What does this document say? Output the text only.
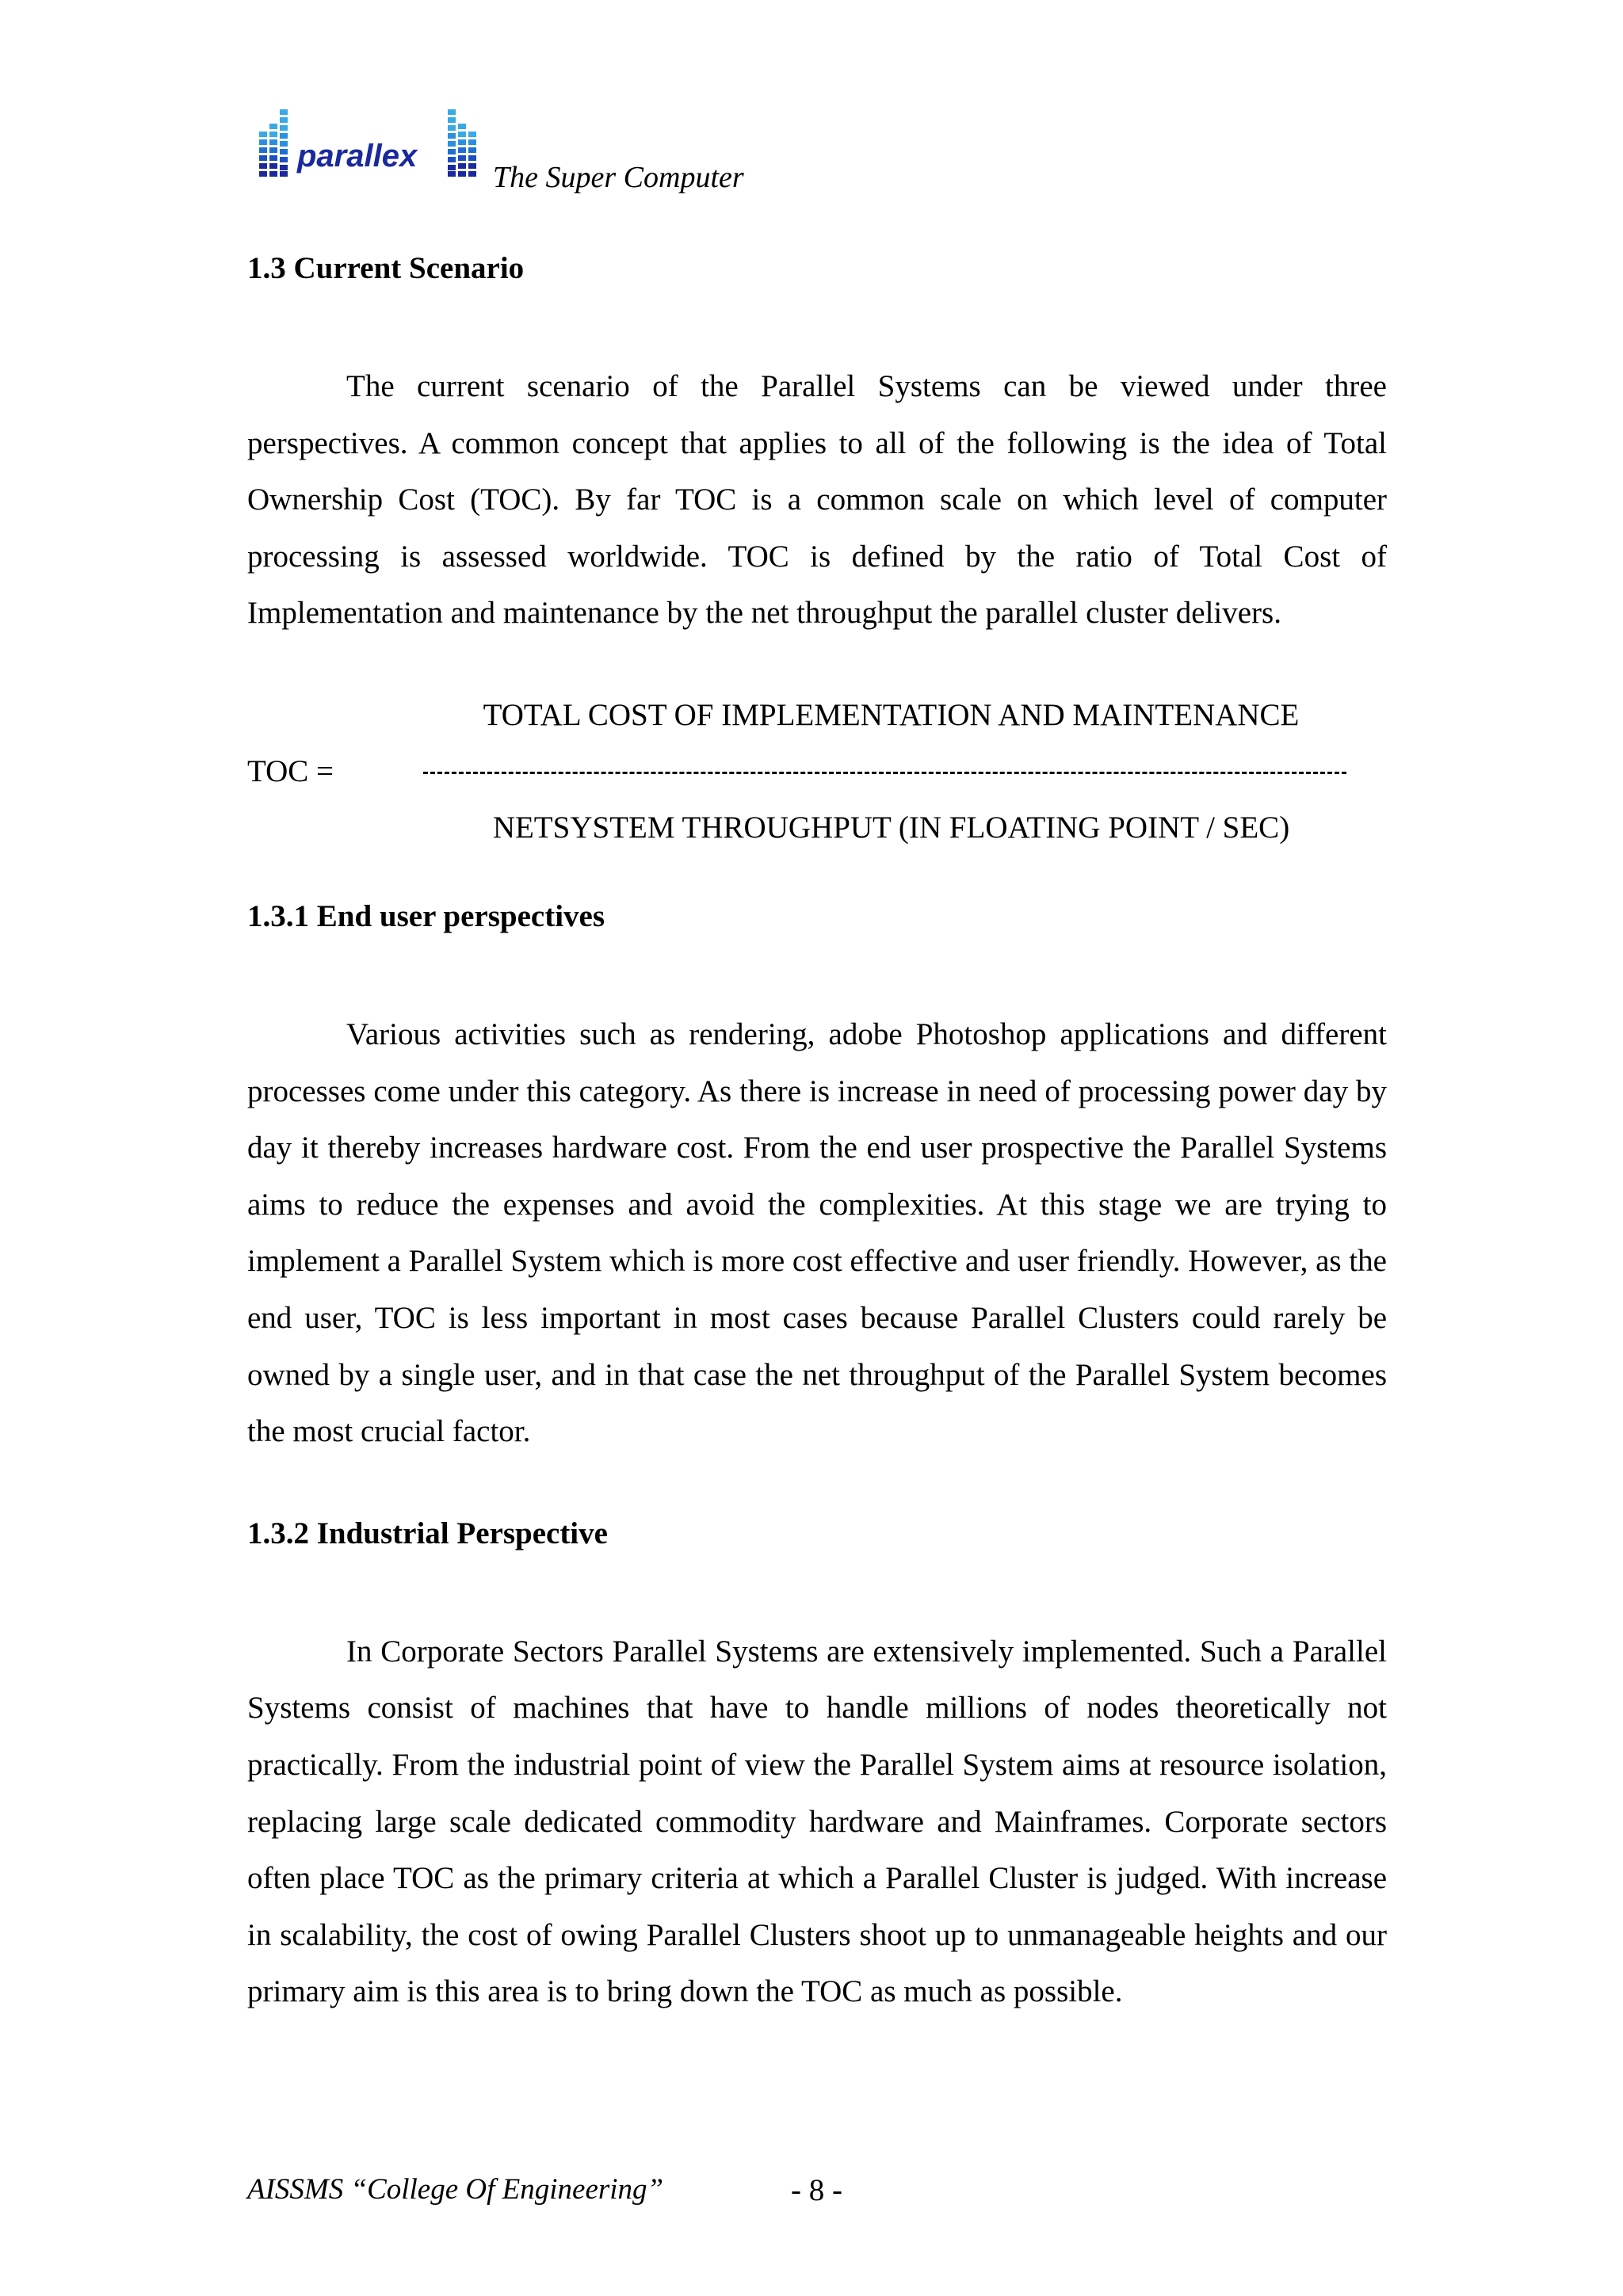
parallex
The Super Computer
1.3 Current Scenario

The current scenario of the Parallel Systems can be viewed under three perspectives. A common concept that applies to all of the following is the idea of Total Ownership Cost (TOC). By far TOC is a common scale on which level of computer processing is assessed worldwide. TOC is defined by the ratio of Total Cost of Implementation and maintenance by the net throughput the parallel cluster delivers.

TOTAL COST OF IMPLEMENTATION AND MAINTENANCE
TOC =
NETSYSTEM THROUGHPUT (IN FLOATING POINT / SEC)
1.3.1 End user perspectives

Various activities such as rendering, adobe Photoshop applications and different processes come under this category. As there is increase in need of processing power day by day it thereby increases hardware cost. From the end user prospective the Parallel Systems aims to reduce the expenses and avoid the complexities. At this stage we are trying to implement a Parallel System which is more cost effective and user friendly. However, as the end user, TOC is less important in most cases because Parallel Clusters could rarely be owned by a single user, and in that case the net throughput of the Parallel System becomes the most crucial factor.

1.3.2 Industrial Perspective

In Corporate Sectors Parallel Systems are extensively implemented. Such a Parallel Systems consist of machines that have to handle millions of nodes theoretically not practically. From the industrial point of view the Parallel System aims at resource isolation, replacing large scale dedicated commodity hardware and Mainframes. Corporate sectors often place TOC as the primary criteria at which a Parallel Cluster is judged. With increase in scalability, the cost of owing Parallel Clusters shoot up to unmanageable heights and our primary aim is this area is to bring down the TOC as much as possible.

AISSMS “College Of Engineering”	- 8 -
